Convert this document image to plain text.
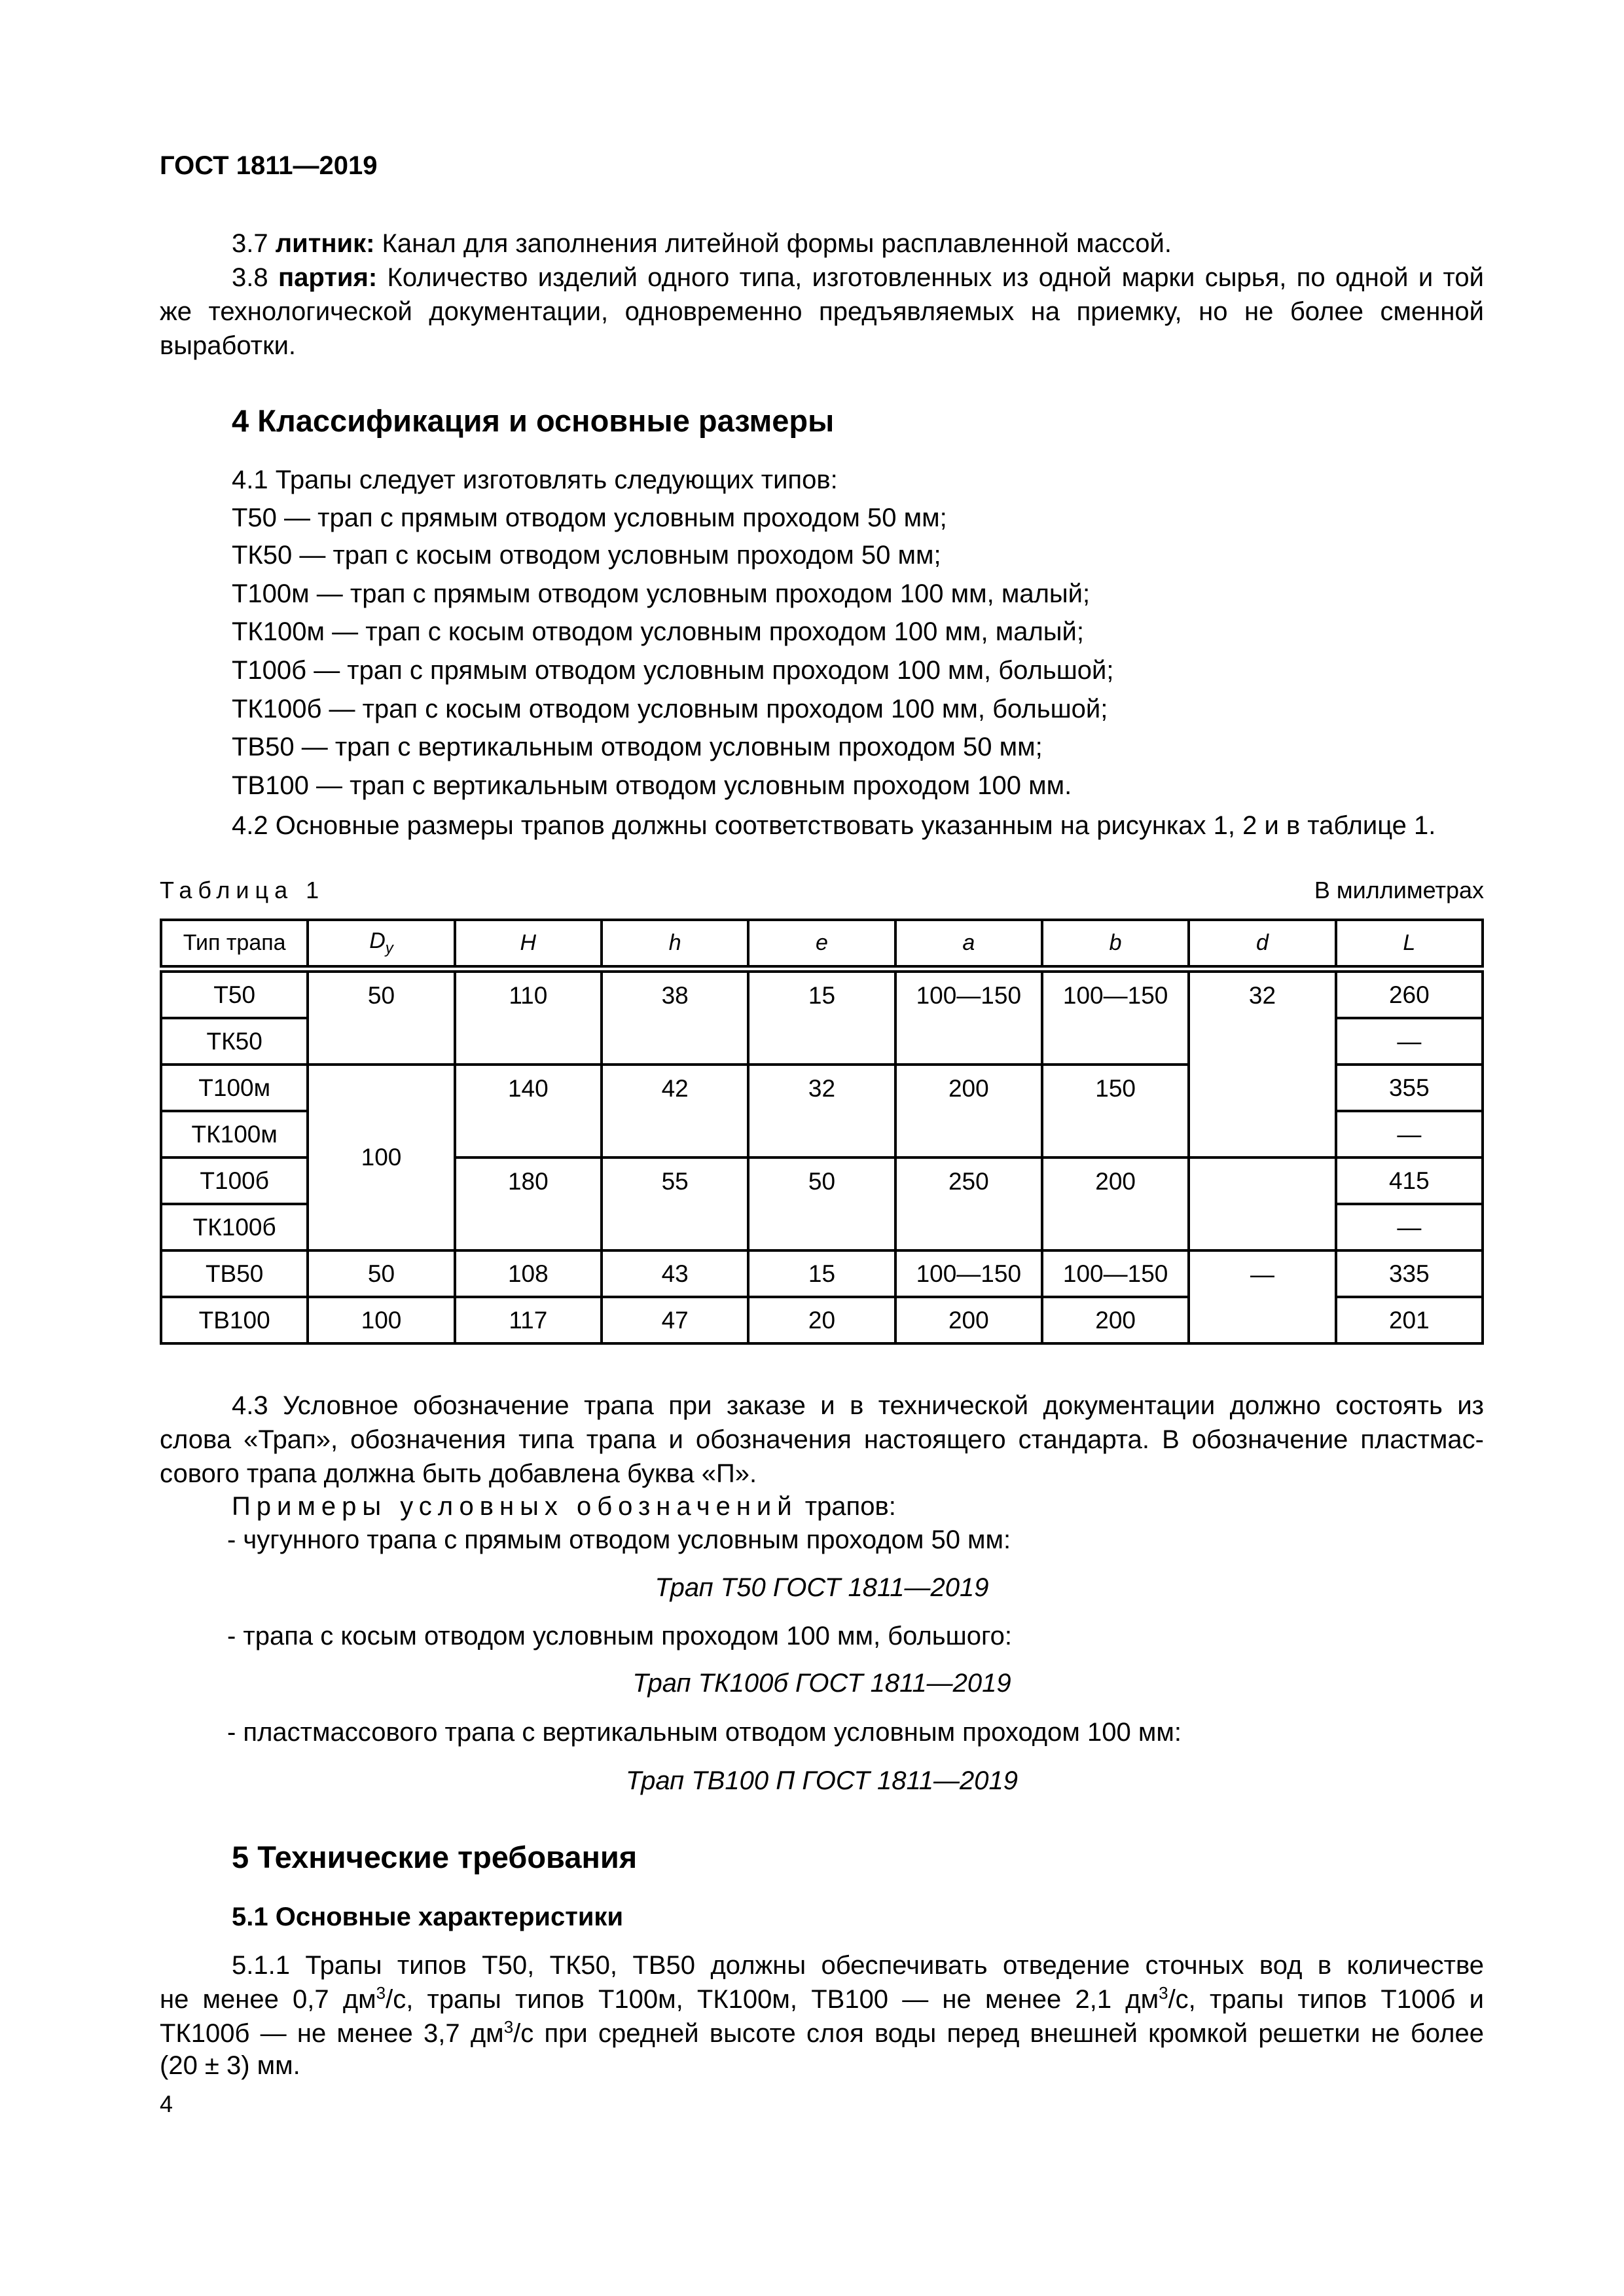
ГОСТ 1811—2019
3.7 литник: Канал для заполнения литейной формы расплавленной массой.
3.8 партия: Количество изделий одного типа, изготовленных из одной марки сырья, по одной и той
же технологической документации, одновременно предъявляемых на приемку, но не более сменной
выработки.
4 Классификация и основные размеры
4.1 Трапы следует изготовлять следующих типов:
Т50 — трап с прямым отводом условным проходом 50 мм;
ТК50 — трап с косым отводом условным проходом 50 мм;
Т100м — трап с прямым отводом условным проходом 100 мм, малый;
ТК100м — трап с косым отводом условным проходом 100 мм, малый;
Т100б — трап с прямым отводом условным проходом 100 мм, большой;
ТК100б — трап с косым отводом условным проходом 100 мм, большой;
ТВ50 — трап с вертикальным отводом условным проходом 50 мм;
ТВ100 — трап с вертикальным отводом условным проходом 100 мм.
4.2 Основные размеры трапов должны соответствовать указанным на рисунках 1, 2 и в таблице 1.
Таблица 1	В миллиметрах
Тип трапа	$D_у$	H	h	e	a	b	d	L
Т50	50	110	38	15	100—150	100—150	32	260
ТК50								—
Т100м	100	140	42	32	200	150		355
ТК100м								—
Т100б		180	55	50	250	200		415
ТК100б								—
ТВ50	50	108	43	15	100—150	100—150	—	335
ТВ100	100	117	47	20	200	200		201
4.3 Условное обозначение трапа при заказе и в технической документации должно состоять из
слова «Трап», обозначения типа трапа и обозначения настоящего стандарта. В обозначение пластмас-
сового трапа должна быть добавлена буква «П».
Примеры условных обозначений трапов:
- чугунного трапа с прямым отводом условным проходом 50 мм:
Трап Т50 ГОСТ 1811—2019
- трапа с косым отводом условным проходом 100 мм, большого:
Трап ТК100б ГОСТ 1811—2019
- пластмассового трапа с вертикальным отводом условным проходом 100 мм:
Трап ТВ100 П ГОСТ 1811—2019
5 Технические требования
5.1 Основные характеристики
5.1.1 Трапы типов Т50, ТК50, ТВ50 должны обеспечивать отведение сточных вод в количестве
не менее 0,7 $дм^3/с$, трапы типов Т100м, ТК100м, ТВ100 — не менее 2,1 $дм^3/с$, трапы типов Т100б и
ТК100б — не менее 3,7 $дм^3/с$ при средней высоте слоя воды перед внешней кромкой решетки не более
(20 ± 3) мм.
4
